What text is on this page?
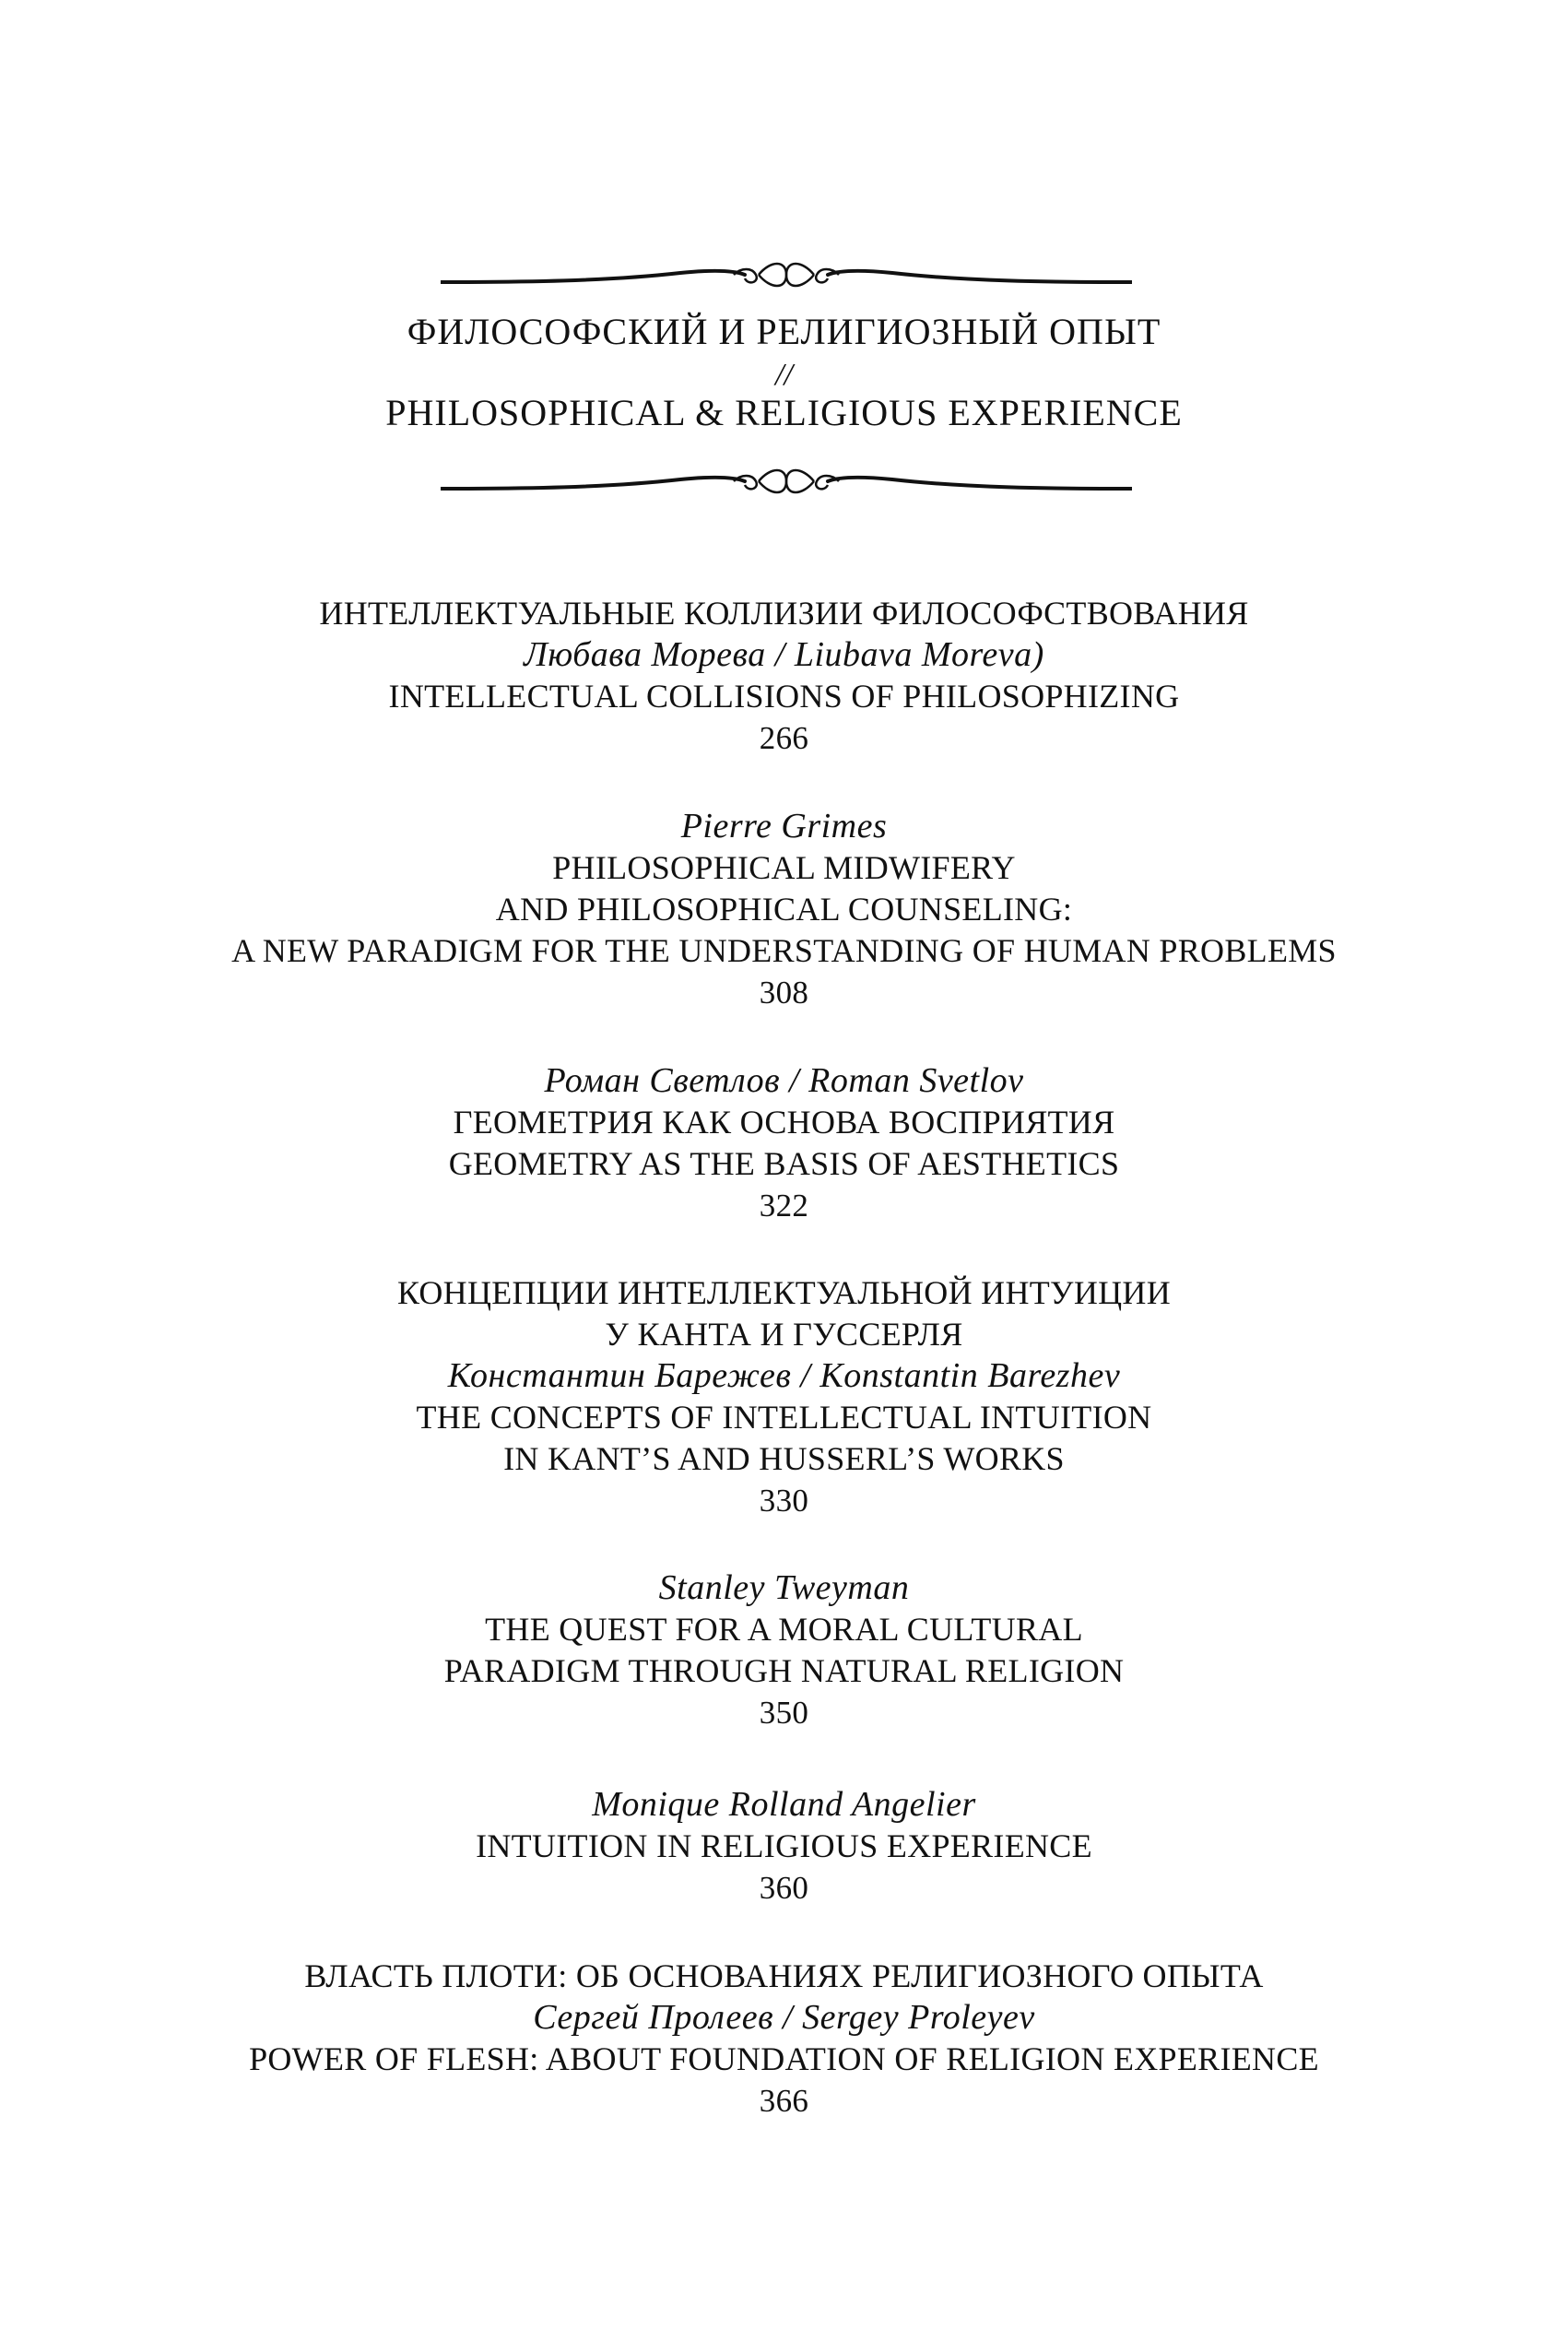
ФИЛОСОФСКИЙ И РЕЛИГИОЗНЫЙ ОПЫТ
//
PHILOSOPHICAL & RELIGIOUS EXPERIENCE
ИНТЕЛЛЕКТУАЛЬНЫЕ КОЛЛИЗИИ ФИЛОСОФСТВОВАНИЯ
Любава Морева / Liubava Moreva)
INTELLECTUAL COLLISIONS OF PHILOSOPHIZING
266
Pierre Grimes
PHILOSOPHICAL MIDWIFERY
AND PHILOSOPHICAL COUNSELING:
A NEW PARADIGM FOR THE UNDERSTANDING OF HUMAN PROBLEMS
308
Роман Светлов / Roman Svetlov
ГЕОМЕТРИЯ КАК ОСНОВА ВОСПРИЯТИЯ
GEOMETRY AS THE BASIS OF AESTHETICS
322
КОНЦЕПЦИИ ИНТЕЛЛЕКТУАЛЬНОЙ ИНТУИЦИИ
У КАНТА И ГУССЕРЛЯ
Константин Барежев / Konstantin Barezhev
THE CONCEPTS OF INTELLECTUAL INTUITION
IN KANT’S AND HUSSERL’S WORKS
330
Stanley Tweyman
THE QUEST FOR A MORAL CULTURAL
PARADIGM THROUGH NATURAL RELIGION
350
Monique Rolland Angelier
INTUITION IN RELIGIOUS EXPERIENCE
360
ВЛАСТЬ ПЛОТИ: ОБ ОСНОВАНИЯХ РЕЛИГИОЗНОГО ОПЫТА
Сергей Пролеев / Sergey Proleyev
POWER OF FLESH: ABOUT FOUNDATION OF RELIGION EXPERIENCE
366
